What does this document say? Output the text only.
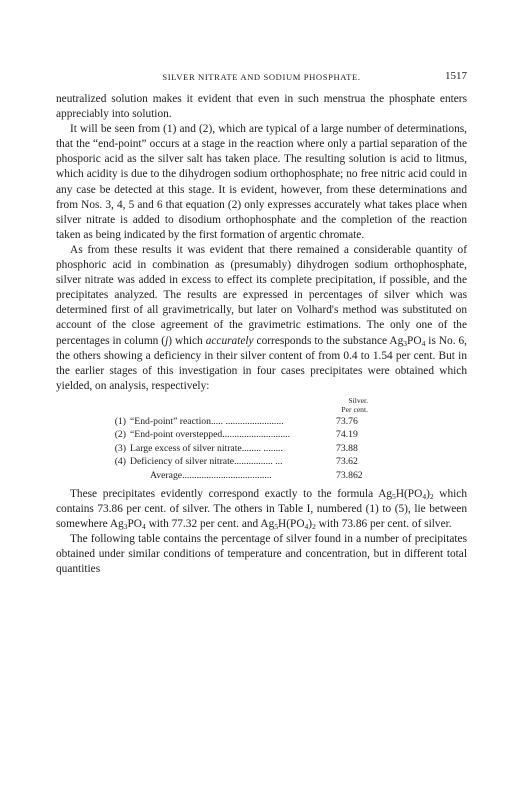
SILVER NITRATE AND SODIUM PHOSPHATE.	1517

neutralized solution makes it evident that even in such menstrua the phosphate enters appreciably into solution.

It will be seen from (1) and (2), which are typical of a large number of determinations, that the “end-point” occurs at a stage in the reaction where only a partial separation of the phosporic acid as the silver salt has taken place. The resulting solution is acid to litmus, which acidity is due to the dihydrogen sodium orthophosphate; no free nitric acid could in any case be detected at this stage. It is evident, however, from these determinations and from Nos. 3, 4, 5 and 6 that equation (2) only expresses accurately what takes place when silver nitrate is added to disodium orthophosphate and the completion of the reaction taken as being indicated by the first formation of argentic chromate.

As from these results it was evident that there remained a considerable quantity of phosphoric acid in combination as (presumably) dihydrogen sodium orthophosphate, silver nitrate was added in excess to effect its complete precipitation, if possible, and the precipitates analyzed. The results are expressed in percentages of silver which was determined first of all gravimetrically, but later on Volhard's method was substituted on account of the close agreement of the gravimetric estimations. The only one of the percentages in column (j) which accurately corresponds to the substance $Ag_3PO_4$ is No. 6, the others showing a deficiency in their silver content of from 0.4 to 1.54 per cent. But in the earlier stages of this investigation in four cases precipitates were obtained which yielded, on analysis, respectively:

Silver.
Per cent.
(1) “End-point” reaction..... ........................	73.76
(2) “End-point overstepped............................	74.19
(3) Large excess of silver nitrate........ ........	73.88
(4) Deficiency of silver nitrate................ ...	73.62
Average.....................................	73.862

These precipitates evidently correspond exactly to the formula $Ag_5H(PO_4)_2$ which contains 73.86 per cent. of silver. The others in Table I, numbered (1) to (5), lie between somewhere $Ag_3PO_4$ with 77.32 per cent. and $Ag_5H(PO_4)_2$ with 73.86 per cent. of silver.

The following table contains the percentage of silver found in a number of precipitates obtained under similar conditions of temperature and concentration, but in different total quantities
